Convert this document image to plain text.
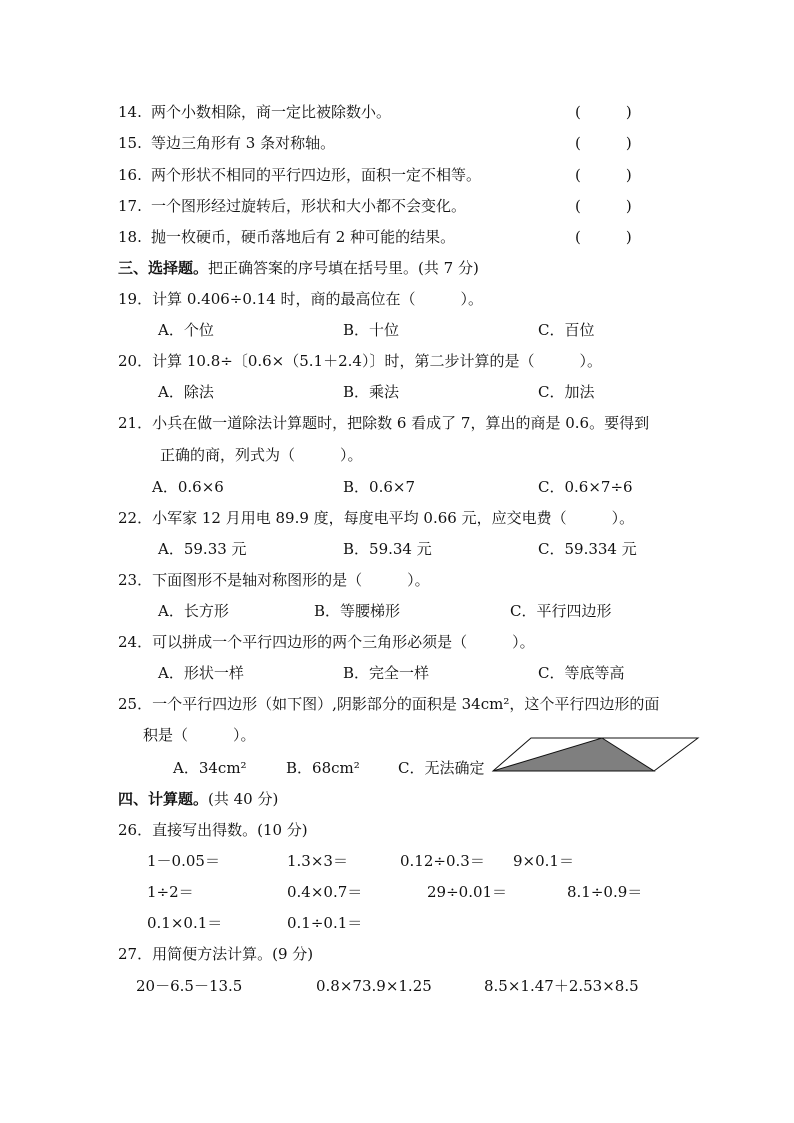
14. 两个小数相除，商一定比被除数小。	(　　　)
15. 等边三角形有 3 条对称轴。	(　　　)
16. 两个形状不相同的平行四边形，面积一定不相等。	(　　　)
17. 一个图形经过旋转后，形状和大小都不会变化。	(　　　)
18. 抛一枚硬币，硬币落地后有 2 种可能的结果。	(　　　)
三、选择题。把正确答案的序号填在括号里。(共 7 分)
19．计算 0.406÷0.14 时，商的最高位在（　　　）。
A．个位	B．十位	C．百位
20．计算 10.8÷〔0.6×（5.1＋2.4）〕时，第二步计算的是（　　　）。
A．除法	B．乘法	C．加法
21．小兵在做一道除法计算题时，把除数 6 看成了 7，算出的商是 0.6。要得到
正确的商，列式为（　　　）。
A．0.6×6	B．0.6×7	C．0.6×7÷6
22．小军家 12 月用电 89.9 度，每度电平均 0.66 元，应交电费（　　　）。
A．59.33 元	B．59.34 元	C．59.334 元
23．下面图形不是轴对称图形的是（　　　）。
A．长方形	B．等腰梯形	C．平行四边形
24．可以拼成一个平行四边形的两个三角形必须是（　　　）。
A．形状一样	B．完全一样	C．等底等高
25．一个平行四边形（如下图）,阴影部分的面积是 34cm²，这个平行四边形的面
积是（　　　）。
A．34cm²	B．68cm²	C．无法确定
四、计算题。(共 40 分)
26．直接写出得数。(10 分)
1－0.05＝	1.3×3＝	0.12÷0.3＝ 9×0.1＝
1÷2＝	0.4×0.7＝	29÷0.01＝	8.1÷0.9＝
0.1×0.1＝	0.1÷0.1＝
27．用简便方法计算。(9 分)
20－6.5－13.5	0.8×73.9×1.25	8.5×1.47＋2.53×8.5
